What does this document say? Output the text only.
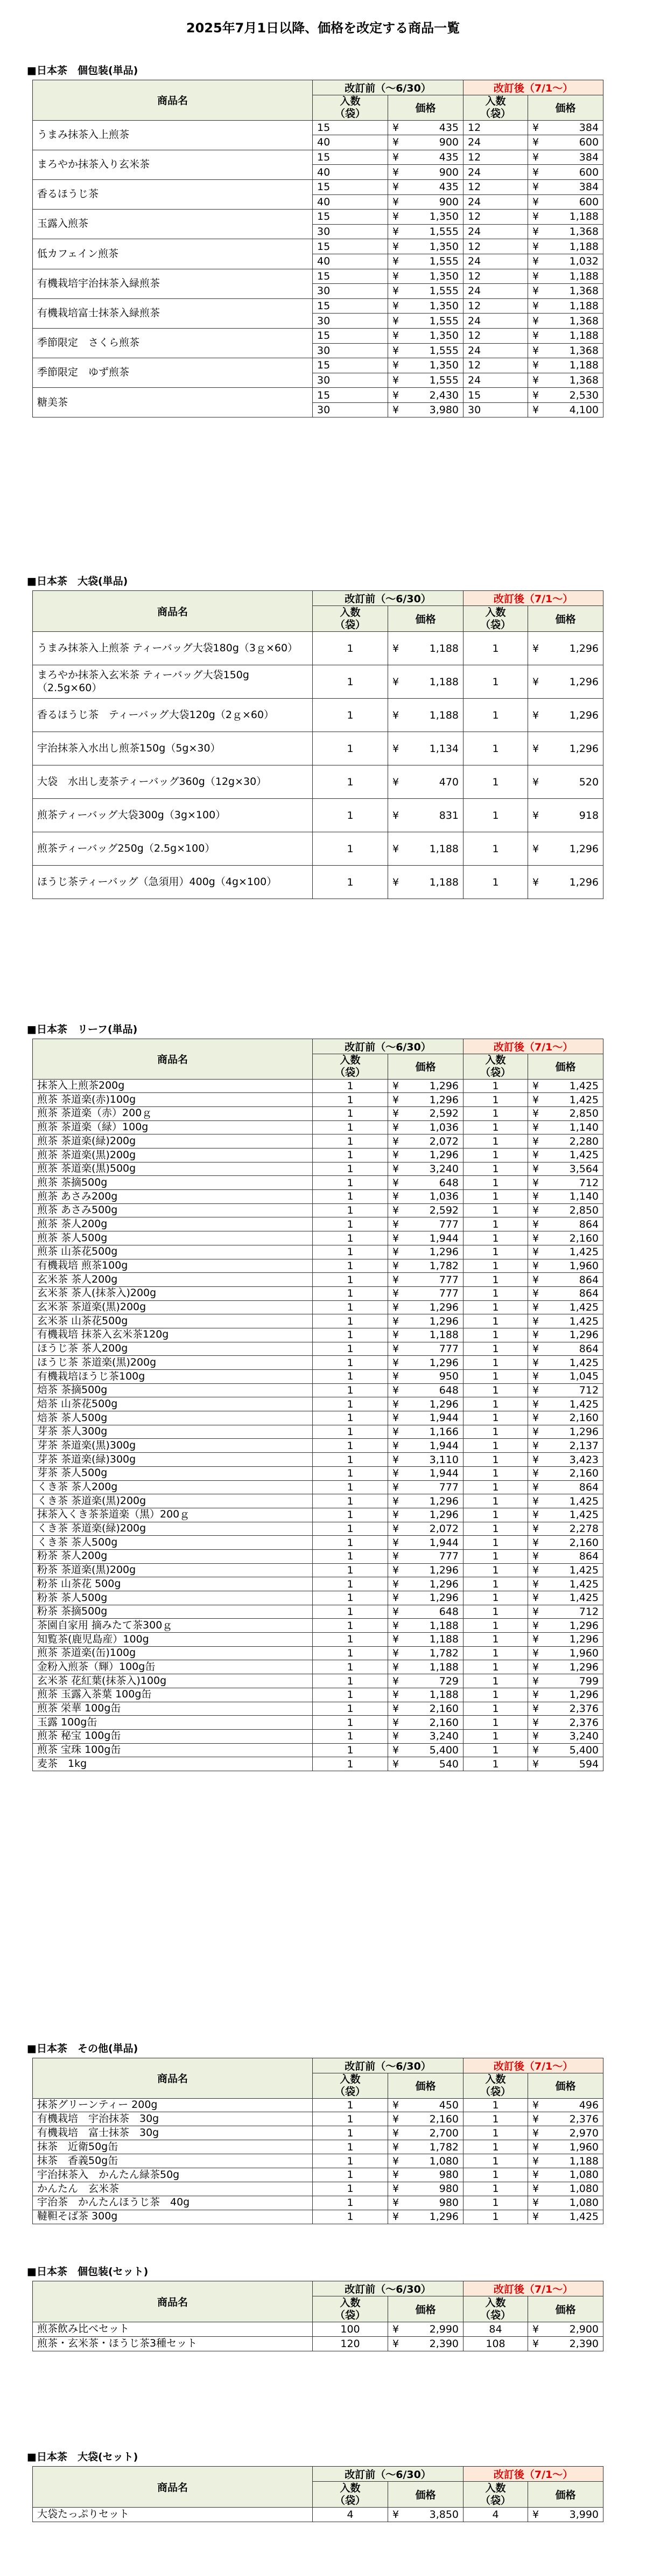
2025年7月1日以降、価格を改定する商品一覧
■日本茶　個包装(単品)
商品名	改訂前（～6/30）		改訂後（7/1～）	
	入数
（袋）	価格	入数
（袋）	価格
うまみ抹茶入上煎茶	15	¥ 435	12	¥ 384

	40	¥ 900	24	¥ 600

まろやか抹茶入り玄米茶	15	¥ 435	12	¥ 384

	40	¥ 900	24	¥ 600

香るほうじ茶	15	¥ 435	12	¥ 384

	40	¥ 900	24	¥ 600

玉露入煎茶	15	¥ 1,350	12	¥ 1,188

	30	¥ 1,555	24	¥ 1,368

低カフェイン煎茶	15	¥ 1,350	12	¥ 1,188

	40	¥ 1,555	24	¥ 1,032

有機栽培宇治抹茶入緑煎茶	15	¥ 1,350	12	¥ 1,188

	30	¥ 1,555	24	¥ 1,368

有機栽培富士抹茶入緑煎茶	15	¥ 1,350	12	¥ 1,188

	30	¥ 1,555	24	¥ 1,368

季節限定　さくら煎茶	15	¥ 1,350	12	¥ 1,188

	30	¥ 1,555	24	¥ 1,368

季節限定　ゆず煎茶	15	¥ 1,350	12	¥ 1,188

	30	¥ 1,555	24	¥ 1,368

糖美茶	15	¥ 2,430	15	¥ 2,530

	30	¥ 3,980	30	¥ 4,100
■日本茶　大袋(単品)
商品名	改訂前（～6/30）		改訂後（7/1～）	
	入数
（袋）	価格	入数
（袋）	価格
うまみ抹茶入上煎茶 ティーバッグ大袋180g（3ｇ×60）	1	¥ 1,188	1	¥ 1,296

まろやか抹茶入玄米茶 ティーバッグ大袋150g（2.5g×60）	1	¥ 1,188	1	¥ 1,296

香るほうじ茶　ティーバッグ大袋120g（2ｇ×60）	1	¥ 1,188	1	¥ 1,296

宇治抹茶入水出し煎茶150g（5g×30）	1	¥ 1,134	1	¥ 1,296

大袋　水出し麦茶ティーバッグ360g（12g×30）	1	¥ 470	1	¥ 520

煎茶ティーバッグ大袋300g（3g×100）	1	¥ 831	1	¥ 918

煎茶ティーバッグ250g（2.5g×100）	1	¥ 1,188	1	¥ 1,296

ほうじ茶ティーバッグ（急須用）400g（4g×100）	1	¥ 1,188	1	¥ 1,296
■日本茶　リーフ(単品)
商品名	改訂前（～6/30）		改訂後（7/1～）	
	入数
（袋）	価格	入数
（袋）	価格
抹茶入上煎茶200g	1	¥ 1,296	1	¥ 1,425

煎茶 茶道楽(赤)100g	1	¥ 1,296	1	¥ 1,425

煎茶 茶道楽（赤）200ｇ	1	¥ 2,592	1	¥ 2,850

煎茶 茶道楽（緑）100g	1	¥ 1,036	1	¥ 1,140

煎茶 茶道楽(緑)200g	1	¥ 2,072	1	¥ 2,280

煎茶 茶道楽(黒)200g	1	¥ 1,296	1	¥ 1,425

煎茶 茶道楽(黒)500g	1	¥ 3,240	1	¥ 3,564

煎茶 茶摘500g	1	¥ 648	1	¥ 712

煎茶 あさみ200g	1	¥ 1,036	1	¥ 1,140

煎茶 あさみ500g	1	¥ 2,592	1	¥ 2,850

煎茶 茶人200g	1	¥ 777	1	¥ 864

煎茶 茶人500g	1	¥ 1,944	1	¥ 2,160

煎茶 山茶花500g	1	¥ 1,296	1	¥ 1,425

有機栽培 煎茶100g	1	¥ 1,782	1	¥ 1,960

玄米茶 茶人200g	1	¥ 777	1	¥ 864

玄米茶 茶人(抹茶入)200g	1	¥ 777	1	¥ 864

玄米茶 茶道楽(黒)200g	1	¥ 1,296	1	¥ 1,425

玄米茶 山茶花500g	1	¥ 1,296	1	¥ 1,425

有機栽培 抹茶入玄米茶120g	1	¥ 1,188	1	¥ 1,296

ほうじ茶 茶人200g	1	¥ 777	1	¥ 864

ほうじ茶 茶道楽(黒)200g	1	¥ 1,296	1	¥ 1,425

有機栽培ほうじ茶100g	1	¥ 950	1	¥ 1,045

焙茶 茶摘500g	1	¥ 648	1	¥ 712

焙茶 山茶花500g	1	¥ 1,296	1	¥ 1,425

焙茶 茶人500g	1	¥ 1,944	1	¥ 2,160

芽茶 茶人300g	1	¥ 1,166	1	¥ 1,296

芽茶 茶道楽(黒)300g	1	¥ 1,944	1	¥ 2,137

芽茶 茶道楽(緑)300g	1	¥ 3,110	1	¥ 3,423

芽茶 茶人500g	1	¥ 1,944	1	¥ 2,160

くき茶 茶人200g	1	¥ 777	1	¥ 864

くき茶 茶道楽(黒)200g	1	¥ 1,296	1	¥ 1,425

抹茶入くき茶茶道楽（黒）200ｇ	1	¥ 1,296	1	¥ 1,425

くき茶 茶道楽(緑)200g	1	¥ 2,072	1	¥ 2,278

くき茶 茶人500g	1	¥ 1,944	1	¥ 2,160

粉茶 茶人200g	1	¥ 777	1	¥ 864

粉茶 茶道楽(黒)200g	1	¥ 1,296	1	¥ 1,425

粉茶 山茶花 500g	1	¥ 1,296	1	¥ 1,425

粉茶 茶人500g	1	¥ 1,296	1	¥ 1,425

粉茶 茶摘500g	1	¥ 648	1	¥ 712

茶園自家用 摘みたて茶300ｇ	1	¥ 1,188	1	¥ 1,296

知覧茶(鹿児島産）100g	1	¥ 1,188	1	¥ 1,296

煎茶 茶道楽(缶)100g	1	¥ 1,782	1	¥ 1,960

金粉入煎茶（輝）100g缶	1	¥ 1,188	1	¥ 1,296

玄米茶 花紅葉(抹茶入)100g	1	¥ 729	1	¥ 799

煎茶 玉露入茶葉 100g缶	1	¥ 1,188	1	¥ 1,296

煎茶 栄華 100g缶	1	¥ 2,160	1	¥ 2,376

玉露 100g缶	1	¥ 2,160	1	¥ 2,376

煎茶 秘宝 100g缶	1	¥ 3,240	1	¥ 3,240

煎茶 宝珠 100g缶	1	¥ 5,400	1	¥ 5,400

麦茶　1kg	1	¥ 540	1	¥ 594
■日本茶　その他(単品)
商品名	改訂前（～6/30）		改訂後（7/1～）	
	入数
（袋）	価格	入数
（袋）	価格
抹茶グリーンティー 200g	1	¥ 450	1	¥ 496

有機栽培　宇治抹茶　30g	1	¥ 2,160	1	¥ 2,376

有機栽培　富士抹茶　30g	1	¥ 2,700	1	¥ 2,970

抹茶　近衛50g缶	1	¥ 1,782	1	¥ 1,960

抹茶　香義50g缶	1	¥ 1,080	1	¥ 1,188

宇治抹茶入　かんたん緑茶50g	1	¥ 980	1	¥ 1,080

かんたん　玄米茶	1	¥ 980	1	¥ 1,080

宇治茶　かんたんほうじ茶　40g	1	¥ 980	1	¥ 1,080

韃靼そば茶 300g	1	¥ 1,296	1	¥ 1,425
■日本茶　個包装(セット)
商品名	改訂前（～6/30）		改訂後（7/1～）	
	入数
（袋）	価格	入数
（袋）	価格
煎茶飲み比べセット	100	¥ 2,990	84	¥ 2,900

煎茶・玄米茶・ほうじ茶3種セット	120	¥ 2,390	108	¥ 2,390
■日本茶　大袋(セット)
商品名	改訂前（～6/30）		改訂後（7/1～）	
	入数
（袋）	価格	入数
（袋）	価格
大袋たっぷりセット	4	¥ 3,850	4	¥ 3,990
